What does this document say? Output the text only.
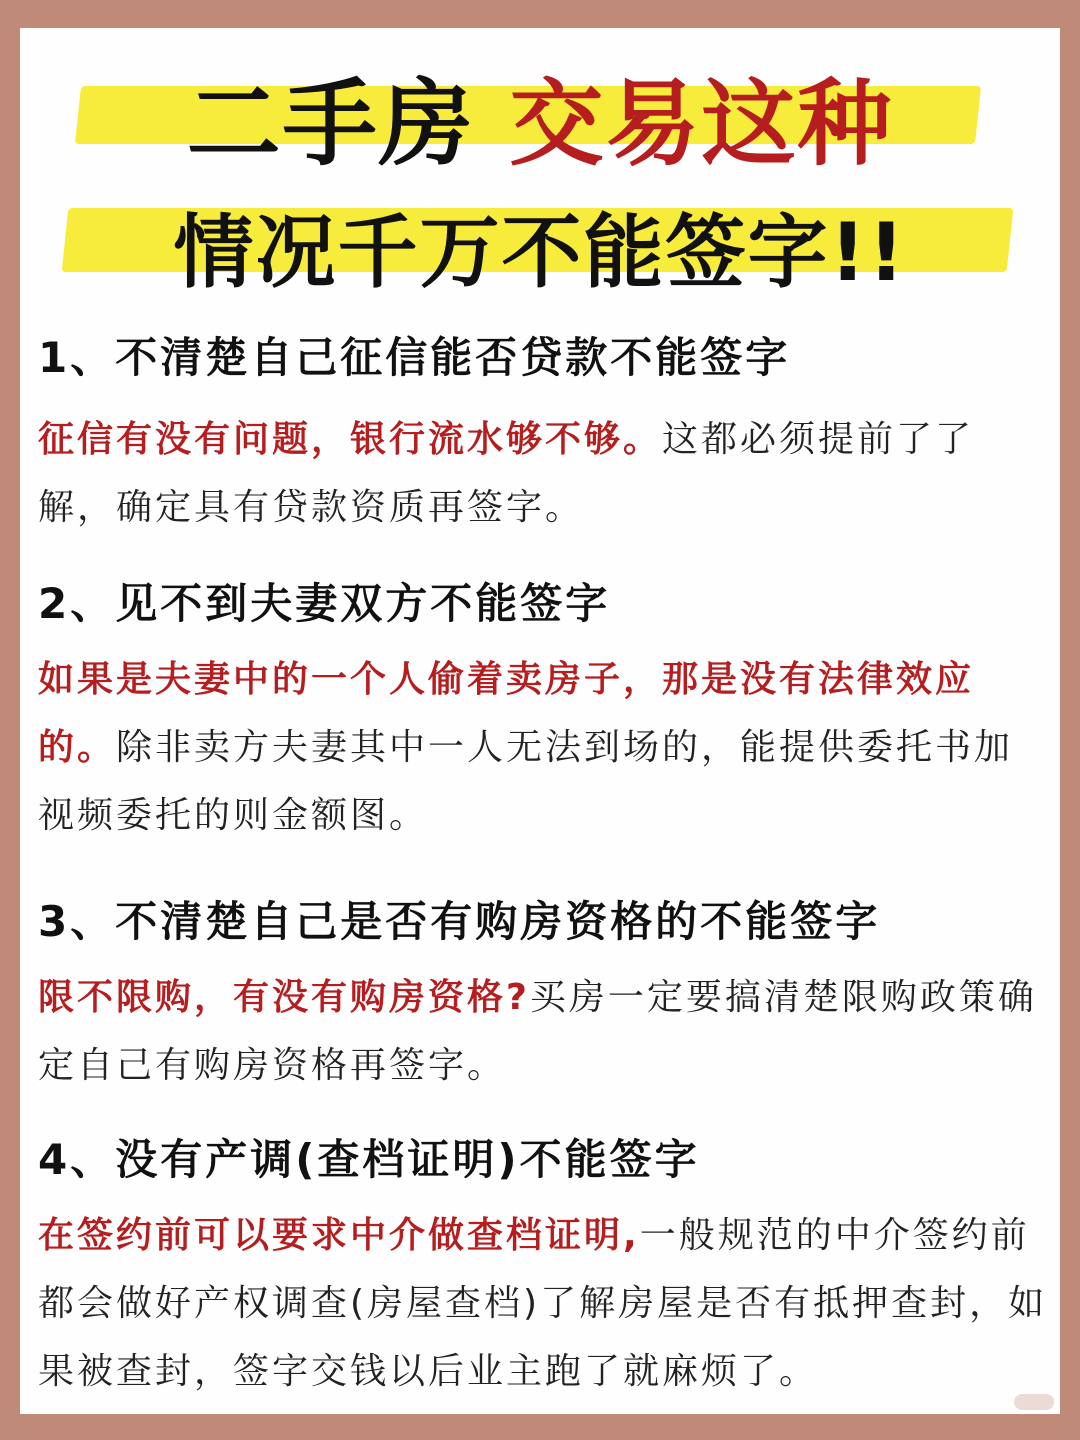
二手房 交易这种
情况千万不能签字!!
1、不清楚自己征信能否贷款不能签字

征信有没有问题，银行流水够不够。这都必须提前了了解，确定具有贷款资质再签字。

2、见不到夫妻双方不能签字

如果是夫妻中的一个人偷着卖房子，那是没有法律效应的。除非卖方夫妻其中一人无法到场的，能提供委托书加视频委托的则金额图。

3、不清楚自己是否有购房资格的不能签字

限不限购，有没有购房资格?买房一定要搞清楚限购政策确定自己有购房资格再签字。

4、没有产调(查档证明)不能签字

在签约前可以要求中介做查档证明,一般规范的中介签约前都会做好产权调查(房屋查档)了解房屋是否有抵押查封，如果被查封，签字交钱以后业主跑了就麻烦了。
